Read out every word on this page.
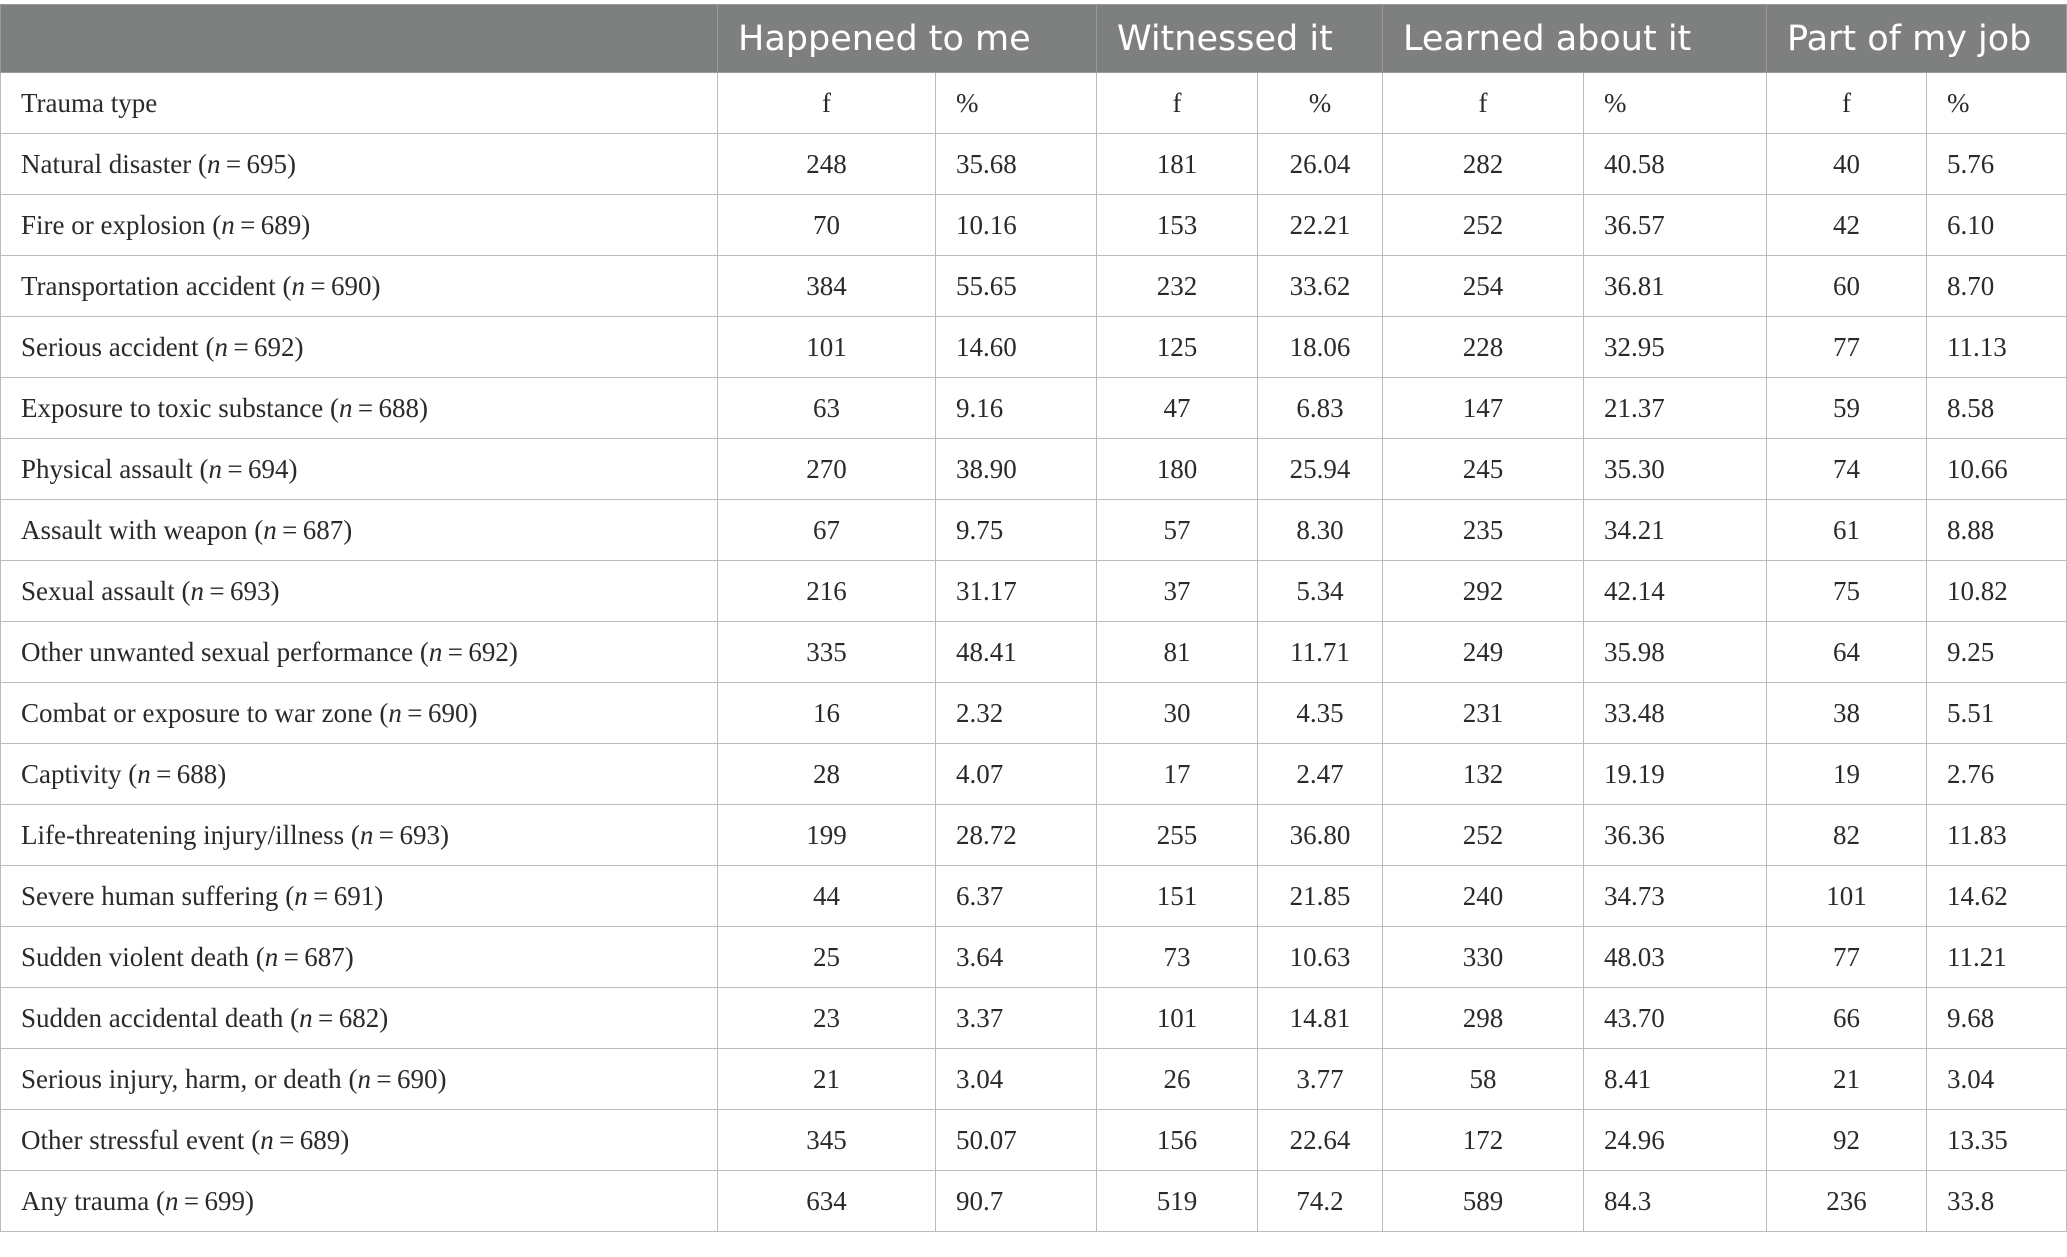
	Happened to me		Witnessed it		Learned about it		Part of my job	
Trauma type	f	%	f	%	f	%	f	%
Natural disaster (n = 695)	248	35.68	181	26.04	282	40.58	40	5.76
Fire or explosion (n = 689)	70	10.16	153	22.21	252	36.57	42	6.10
Transportation accident (n = 690)	384	55.65	232	33.62	254	36.81	60	8.70
Serious accident (n = 692)	101	14.60	125	18.06	228	32.95	77	11.13
Exposure to toxic substance (n = 688)	63	9.16	47	6.83	147	21.37	59	8.58
Physical assault (n = 694)	270	38.90	180	25.94	245	35.30	74	10.66
Assault with weapon (n = 687)	67	9.75	57	8.30	235	34.21	61	8.88
Sexual assault (n = 693)	216	31.17	37	5.34	292	42.14	75	10.82
Other unwanted sexual performance (n = 692)	335	48.41	81	11.71	249	35.98	64	9.25
Combat or exposure to war zone (n = 690)	16	2.32	30	4.35	231	33.48	38	5.51
Captivity (n = 688)	28	4.07	17	2.47	132	19.19	19	2.76
Life-threatening injury/illness (n = 693)	199	28.72	255	36.80	252	36.36	82	11.83
Severe human suffering (n = 691)	44	6.37	151	21.85	240	34.73	101	14.62
Sudden violent death (n = 687)	25	3.64	73	10.63	330	48.03	77	11.21
Sudden accidental death (n = 682)	23	3.37	101	14.81	298	43.70	66	9.68
Serious injury, harm, or death (n = 690)	21	3.04	26	3.77	58	8.41	21	3.04
Other stressful event (n = 689)	345	50.07	156	22.64	172	24.96	92	13.35
Any trauma (n = 699)	634	90.7	519	74.2	589	84.3	236	33.8
